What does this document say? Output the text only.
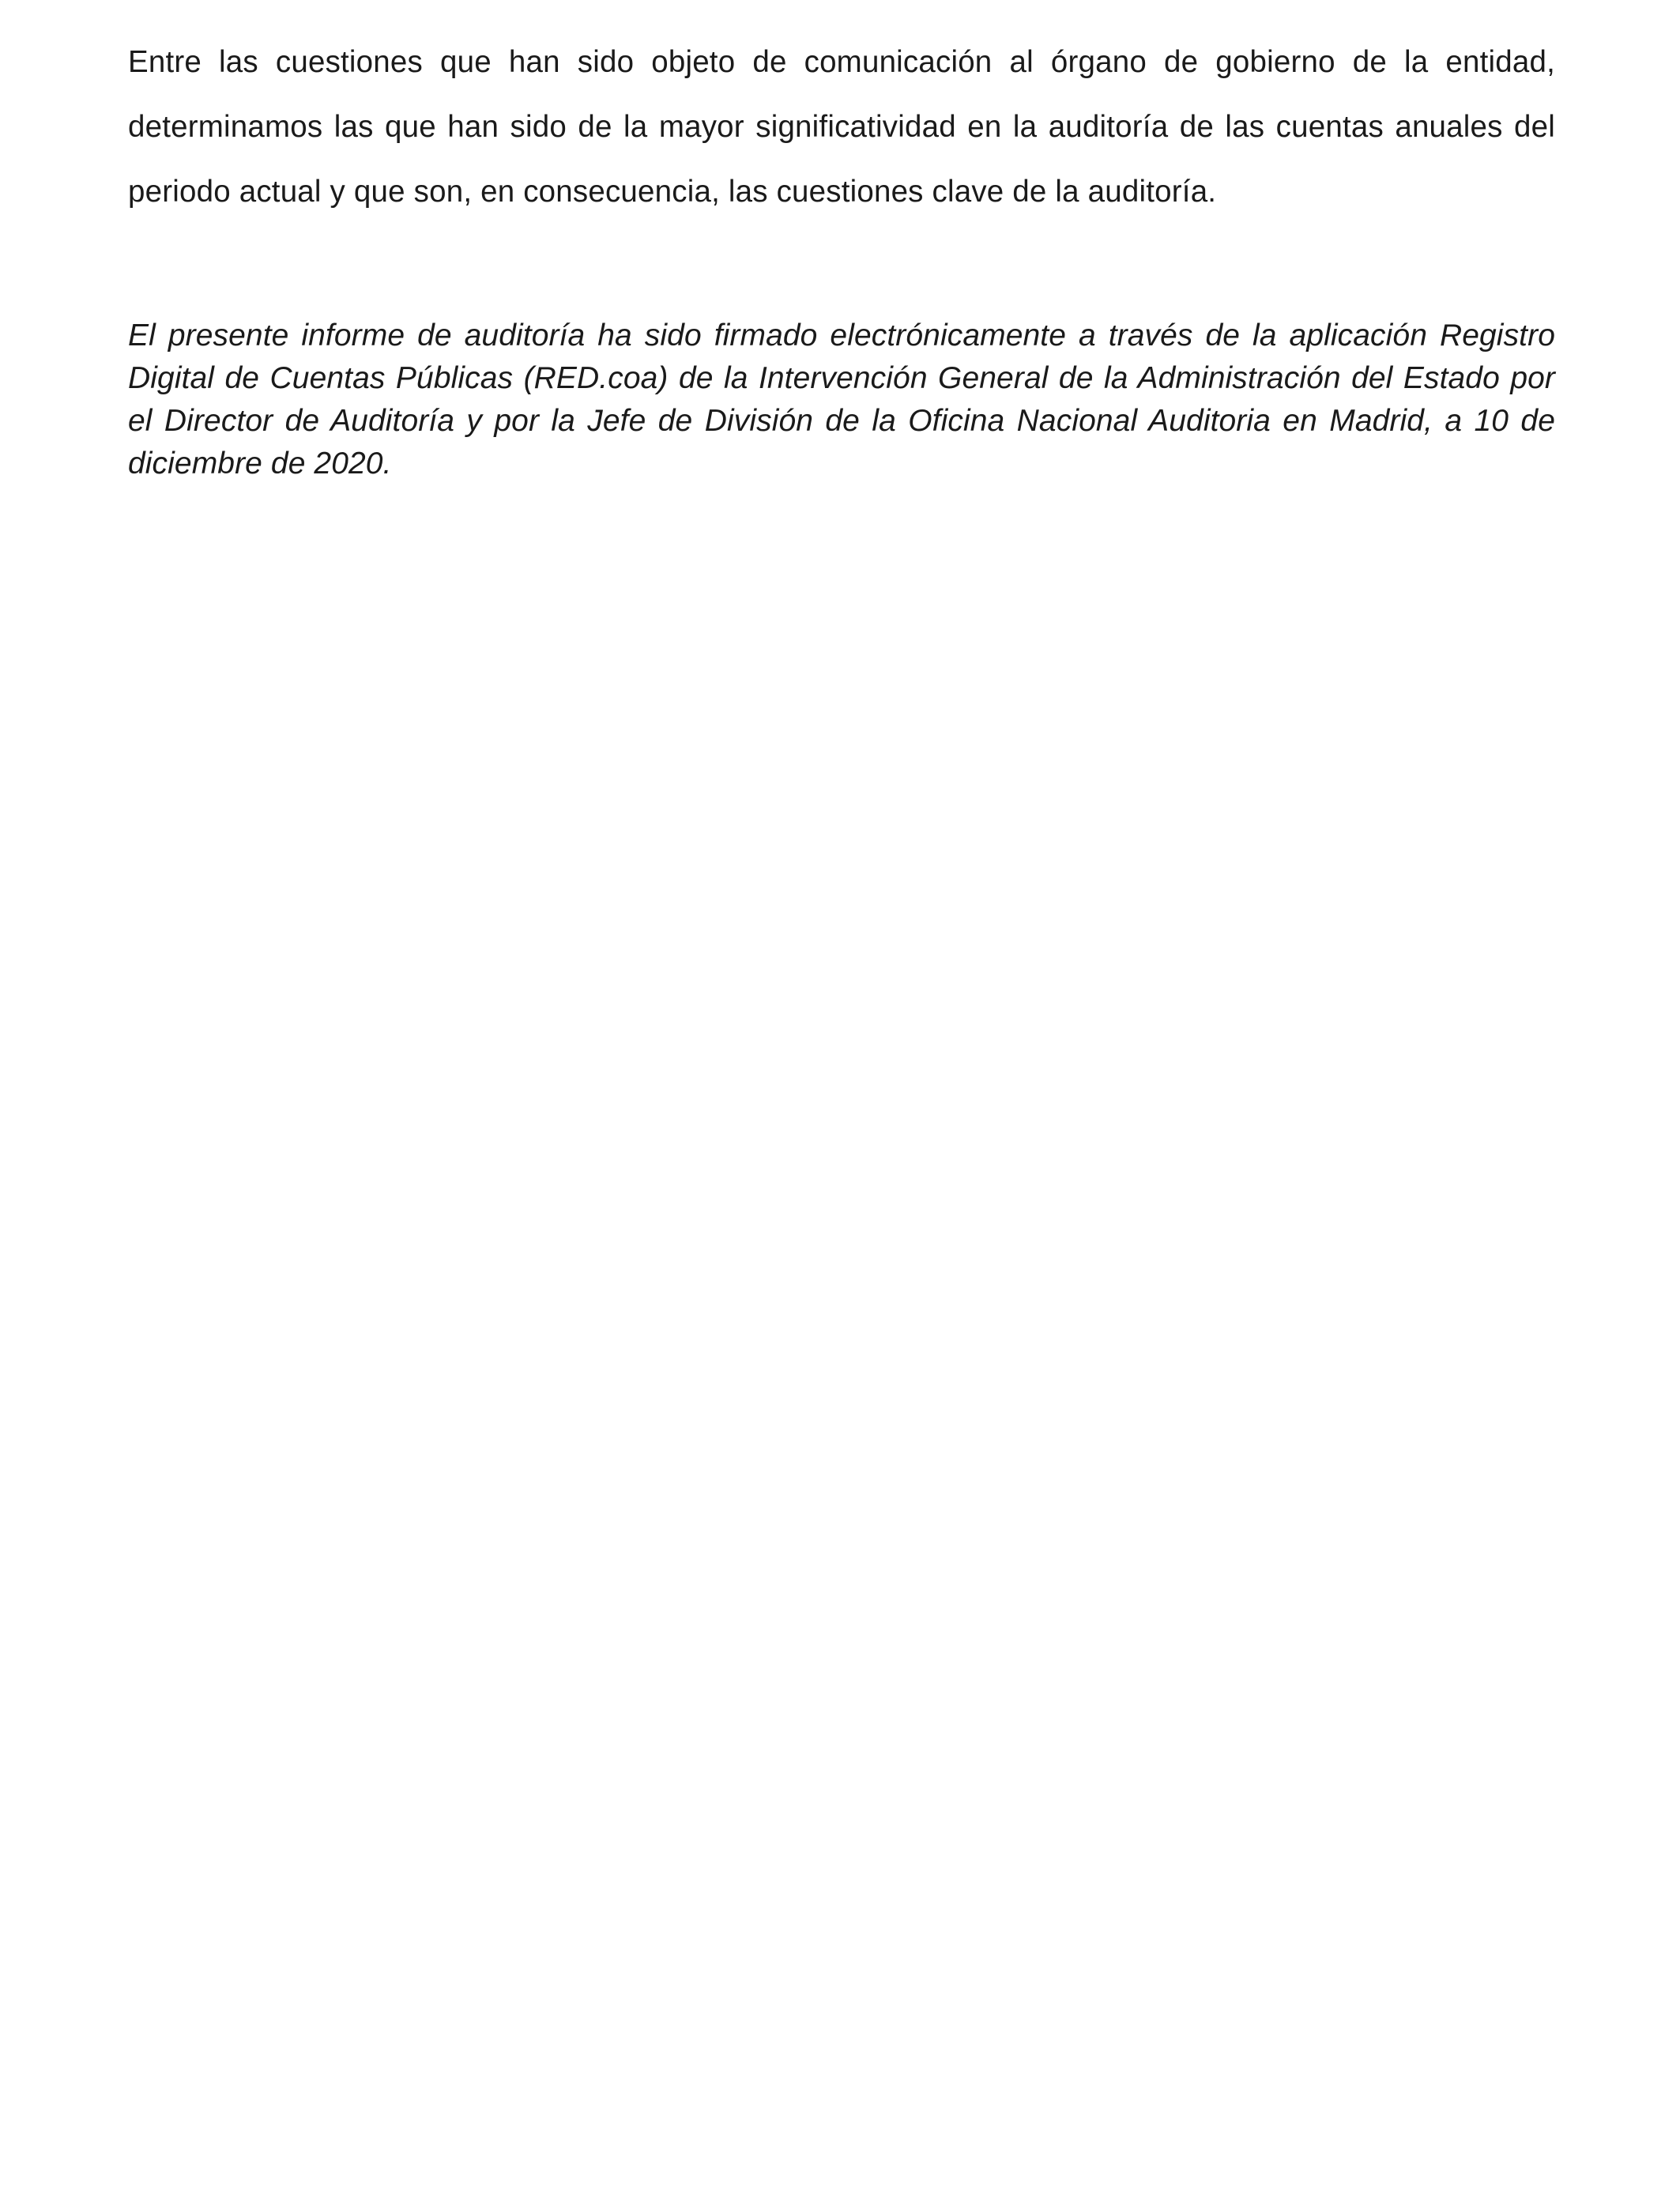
Entre las cuestiones que han sido objeto de comunicación al órgano de gobierno de la entidad, determinamos las que han sido de la mayor significatividad en la auditoría de las cuentas anuales del periodo actual y que son, en consecuencia, las cuestiones clave de la auditoría.

El presente informe de auditoría ha sido firmado electrónicamente a través de la aplicación Registro Digital de Cuentas Públicas (RED.coa) de la Intervención General de la Administración del Estado por el Director de Auditoría y por la Jefe de División de la Oficina Nacional Auditoria en Madrid, a 10 de diciembre de 2020.
